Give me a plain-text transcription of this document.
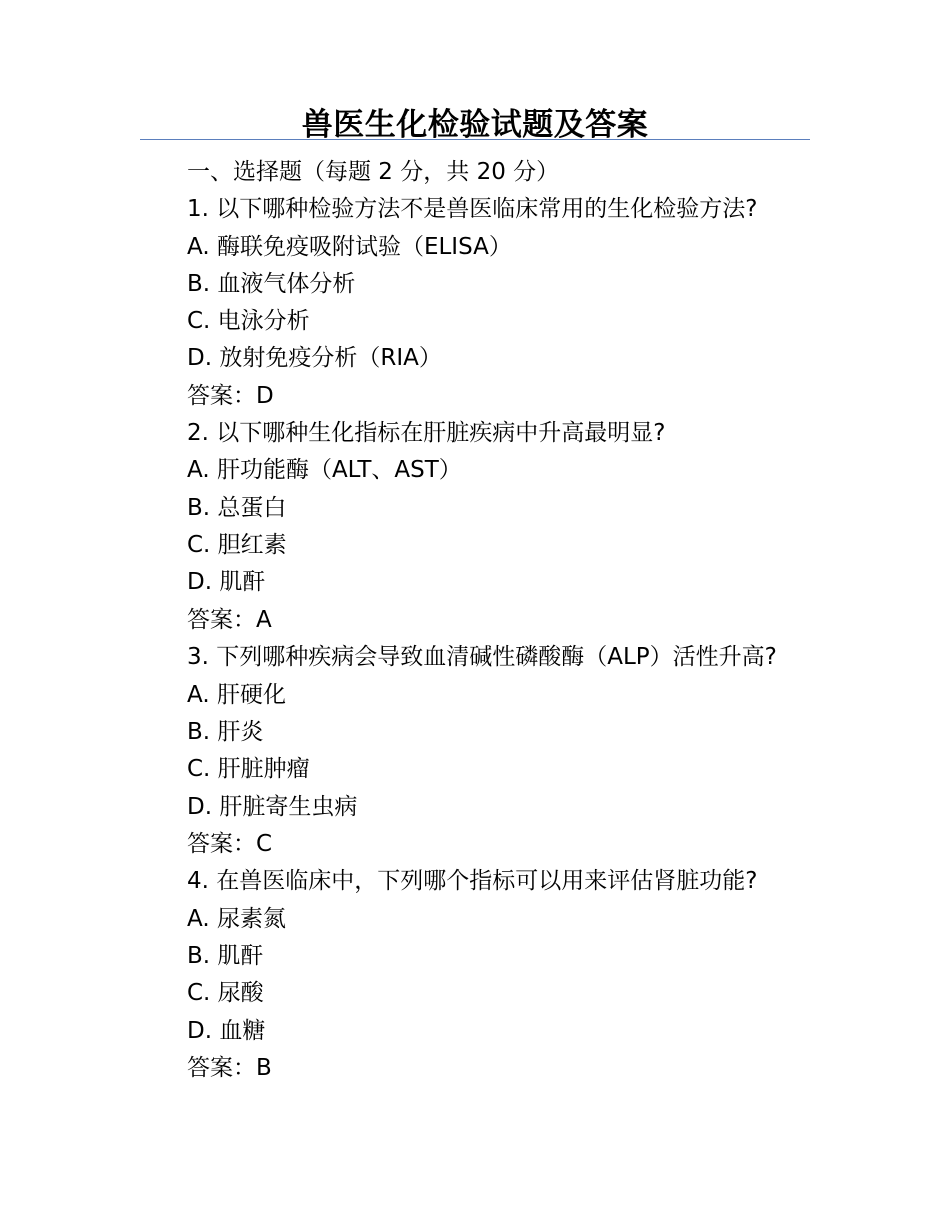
兽医生化检验试题及答案
一、选择题（每题 2 分，共 20 分）
1. 以下哪种检验方法不是兽医临床常用的生化检验方法?
A. 酶联免疫吸附试验（ELISA）
B. 血液气体分析
C. 电泳分析
D. 放射免疫分析（RIA）
答案：D
2. 以下哪种生化指标在肝脏疾病中升高最明显?
A. 肝功能酶（ALT、AST）
B. 总蛋白
C. 胆红素
D. 肌酐
答案：A
3. 下列哪种疾病会导致血清碱性磷酸酶（ALP）活性升高?
A. 肝硬化
B. 肝炎
C. 肝脏肿瘤
D. 肝脏寄生虫病
答案：C
4. 在兽医临床中，下列哪个指标可以用来评估肾脏功能?
A. 尿素氮
B. 肌酐
C. 尿酸
D. 血糖
答案：B
